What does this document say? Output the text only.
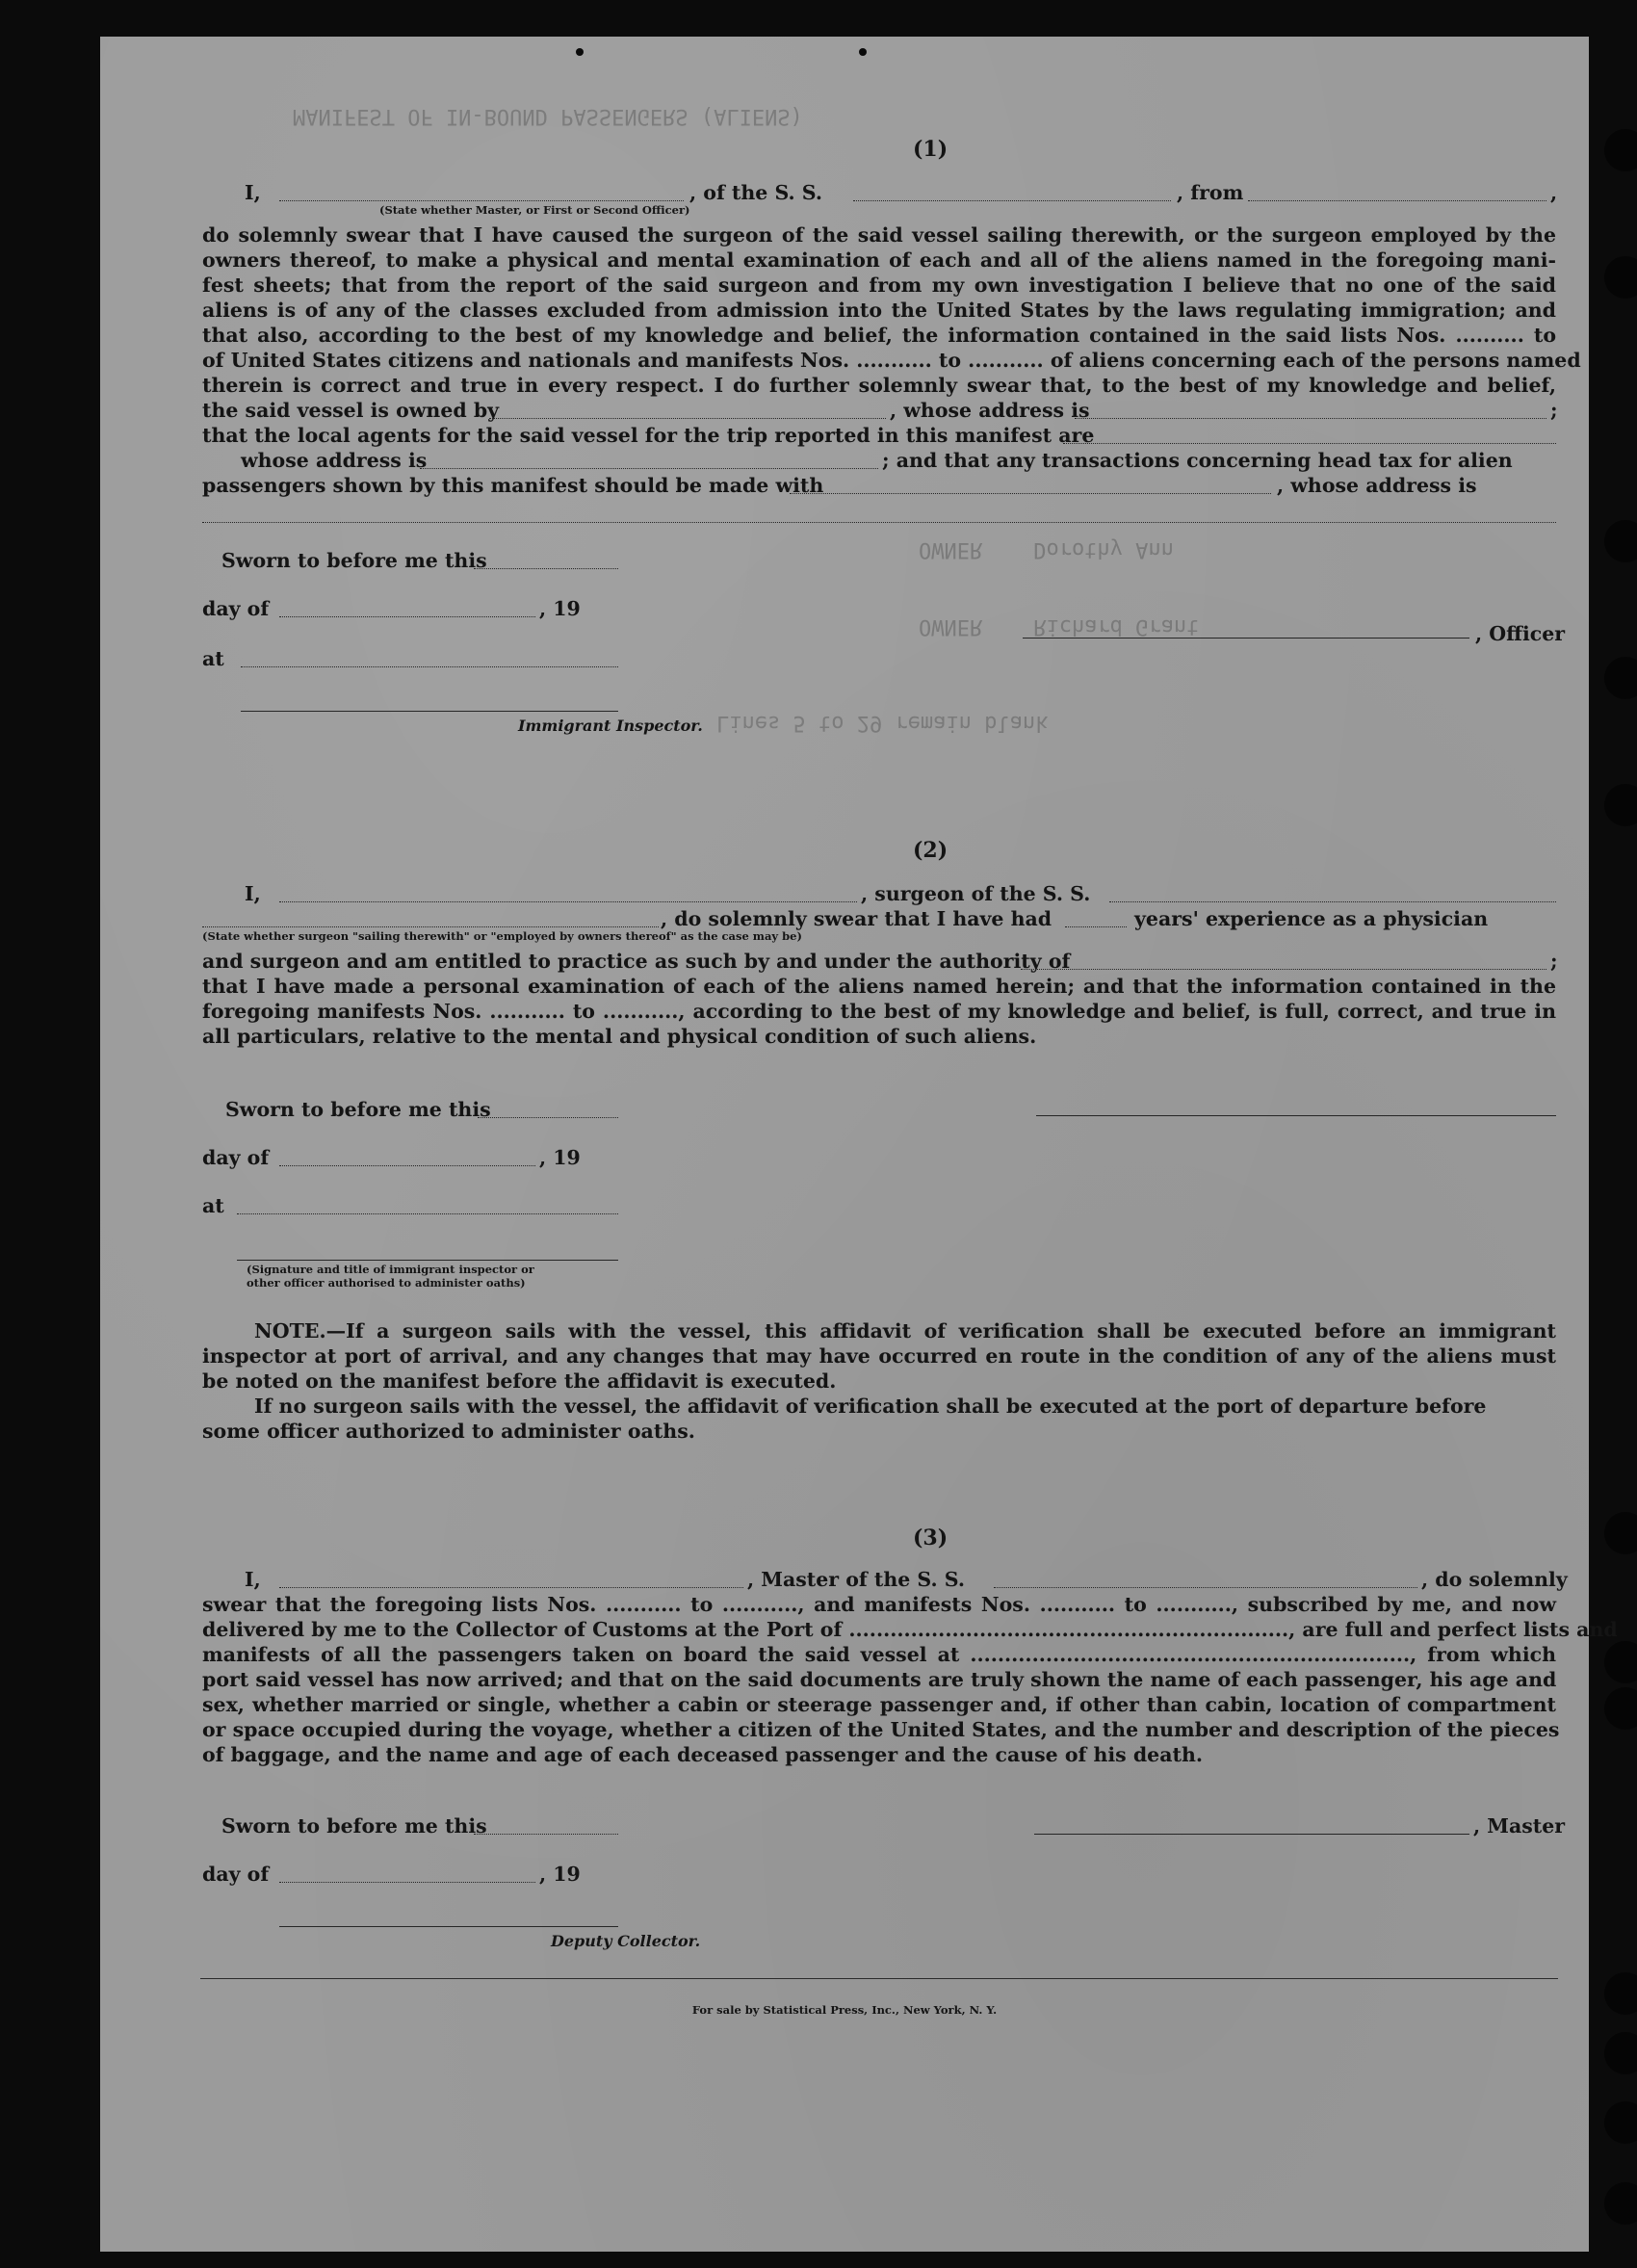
MANIFEST OF IN-BOUND PASSENGERS (ALIENS)
OWNER    Dorothy Ann
OWNER    Richard Grant
Lines 5 to 29 remain blank
(1)
I,	, of the S. S.	, from	,
(State whether Master, or First or Second Officer)
do solemnly swear that I have caused the surgeon of the said vessel sailing therewith, or the surgeon employed by the
owners thereof, to make a physical and mental examination of each and all of the aliens named in the foregoing mani-
fest sheets; that from the report of the said surgeon and from my own investigation I believe that no one of the said
aliens is of any of the classes excluded from admission into the United States by the laws regulating immigration; and
that also, according to the best of my knowledge and belief, the information contained in the said lists Nos. .......... to
of United States citizens and nationals and manifests Nos. ........... to ........... of aliens concerning each of the persons named
therein is correct and true in every respect. I do further solemnly swear that, to the best of my knowledge and belief,
the said vessel is owned by	, whose address is	;
that the local agents for the said vessel for the trip reported in this manifest are
whose address is	; and that any transactions concerning head tax for alien
passengers shown by this manifest should be made with	, whose address is
Sworn to before me this
day of	, 19
at
, Officer
Immigrant Inspector.
(2)
I,	, surgeon of the S. S.
, do solemnly swear that I have had	years' experience as a physician
(State whether surgeon "sailing therewith" or "employed by owners thereof" as the case may be)
and surgeon and am entitled to practice as such by and under the authority of	;
that I have made a personal examination of each of the aliens named herein; and that the information contained in the
foregoing manifests Nos. ........... to ..........., according to the best of my knowledge and belief, is full, correct, and true in
all particulars, relative to the mental and physical condition of such aliens.
Sworn to before me this
day of	, 19
at
(Signature and title of immigrant inspector or
other officer authorised to administer oaths)
NOTE.—If a surgeon sails with the vessel, this affidavit of verification shall be executed before an immigrant
inspector at port of arrival, and any changes that may have occurred en route in the condition of any of the aliens must
be noted on the manifest before the affidavit is executed.
If no surgeon sails with the vessel, the affidavit of verification shall be executed at the port of departure before
some officer authorized to administer oaths.
(3)
I,	, Master of the S. S.	, do solemnly
swear that the foregoing lists Nos. ........... to ..........., and manifests Nos. ........... to ..........., subscribed by me, and now
delivered by me to the Collector of Customs at the Port of ................................................................, are full and perfect lists and
manifests of all the passengers taken on board the said vessel at ................................................................, from which
port said vessel has now arrived; and that on the said documents are truly shown the name of each passenger, his age and
sex, whether married or single, whether a cabin or steerage passenger and, if other than cabin, location of compartment
or space occupied during the voyage, whether a citizen of the United States, and the number and description of the pieces
of baggage, and the name and age of each deceased passenger and the cause of his death.
Sworn to before me this	, Master
day of	, 19
Deputy Collector.
For sale by Statistical Press, Inc., New York, N. Y.
